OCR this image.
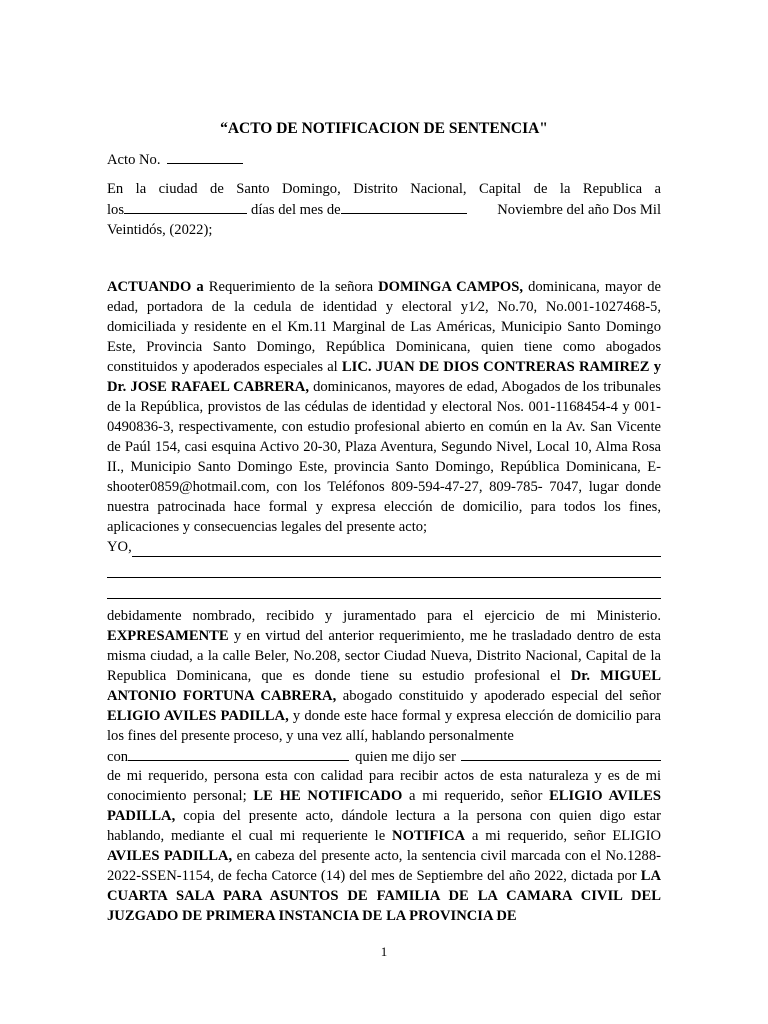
“ACTO DE NOTIFICACION DE SENTENCIA"
Acto No.
En la ciudad de Santo Domingo, Distrito Nacional, Capital de la Republica a
los	días del mes de	Noviembre del año Dos Mil
Veintidós, (2022);

ACTUANDO a Requerimiento de la señora DOMINGA CAMPOS, dominicana, mayor de edad, portadora de la cedula de identidad y electoral y1⁄2, No.70, No.001-1027468-5, domiciliada y residente en el Km.11 Marginal de Las Américas, Municipio Santo Domingo Este, Provincia Santo Domingo, República Dominicana, quien tiene como abogados constituidos y apoderados especiales al LIC. JUAN DE DIOS CONTRERAS RAMIREZ y Dr. JOSE RAFAEL CABRERA, dominicanos, mayores de edad, Abogados de los tribunales de la República, provistos de las cédulas de identidad y electoral Nos. 001-1168454-4 y 001-0490836-3, respectivamente, con estudio profesional abierto en común en la Av. San Vicente de Paúl 154, casi esquina Activo 20-30, Plaza Aventura, Segundo Nivel, Local 10, Alma Rosa II., Municipio Santo Domingo Este, provincia Santo Domingo, República Dominicana, E- shooter0859@hotmail.com, con los Teléfonos 809-594-47-27, 809-785- 7047, lugar donde nuestra patrocinada hace formal y expresa elección de domicilio, para todos los fines, aplicaciones y consecuencias legales del presente acto;

YO,

debidamente nombrado, recibido y juramentado para el ejercicio de mi Ministerio. EXPRESAMENTE y en virtud del anterior requerimiento, me he trasladado dentro de esta misma ciudad, a la calle Beler, No.208, sector Ciudad Nueva, Distrito Nacional, Capital de la Republica Dominicana, que es donde tiene su estudio profesional el Dr. MIGUEL ANTONIO FORTUNA CABRERA, abogado constituido y apoderado especial del señor ELIGIO AVILES PADILLA, y donde este hace formal y expresa elección de domicilio para los fines del presente proceso, y una vez allí, hablando personalmente

con	quien me dijo ser

de mi requerido, persona esta con calidad para recibir actos de esta naturaleza y es de mi conocimiento personal; LE HE NOTIFICADO a mi requerido, señor ELIGIO AVILES PADILLA, copia del presente acto, dándole lectura a la persona con quien digo estar hablando, mediante el cual mi requeriente le NOTIFICA a mi requerido, señor ELIGIO AVILES PADILLA, en cabeza del presente acto, la sentencia civil marcada con el No.1288-2022-SSEN-1154, de fecha Catorce (14) del mes de Septiembre del año 2022, dictada por LA CUARTA SALA PARA ASUNTOS DE FAMILIA DE LA CAMARA CIVIL DEL JUZGADO DE PRIMERA INSTANCIA DE LA PROVINCIA DE

1
